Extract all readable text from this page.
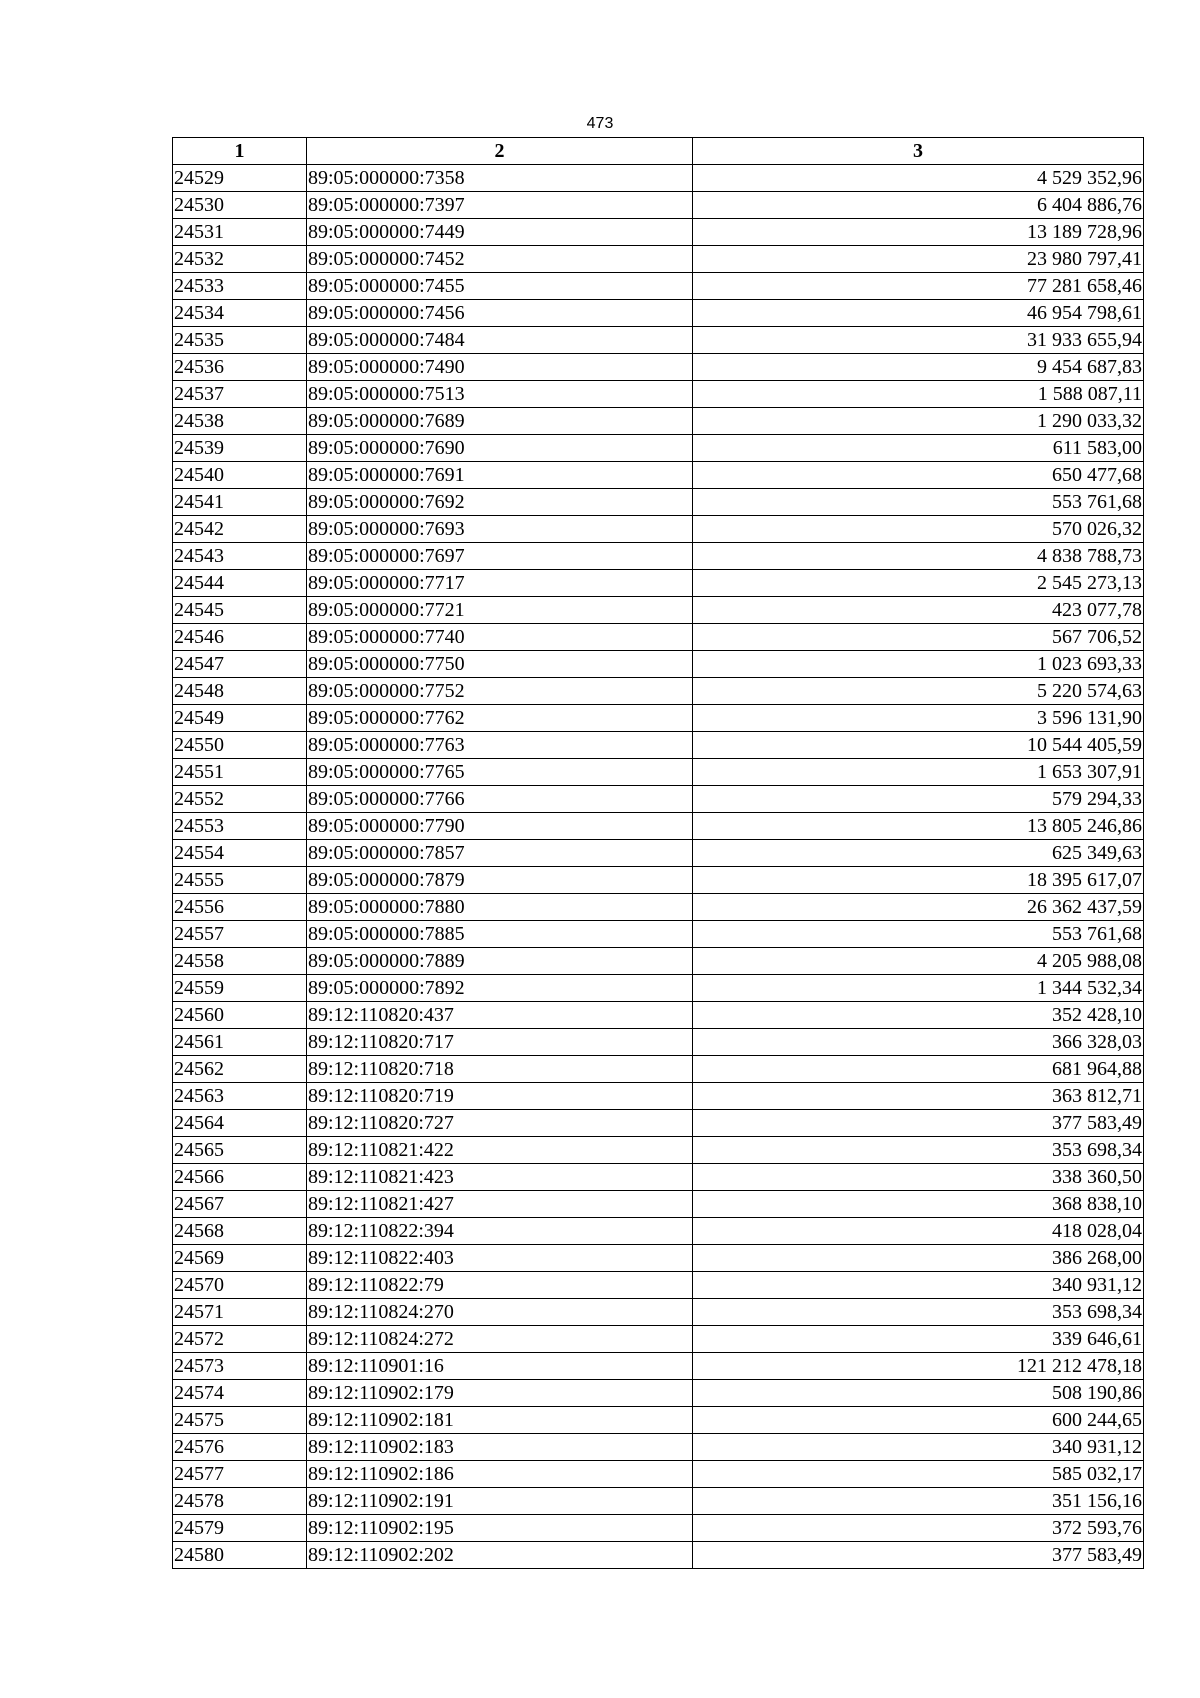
473
1	2	3
24529	89:05:000000:7358	4 529 352,96
24530	89:05:000000:7397	6 404 886,76
24531	89:05:000000:7449	13 189 728,96
24532	89:05:000000:7452	23 980 797,41
24533	89:05:000000:7455	77 281 658,46
24534	89:05:000000:7456	46 954 798,61
24535	89:05:000000:7484	31 933 655,94
24536	89:05:000000:7490	9 454 687,83
24537	89:05:000000:7513	1 588 087,11
24538	89:05:000000:7689	1 290 033,32
24539	89:05:000000:7690	611 583,00
24540	89:05:000000:7691	650 477,68
24541	89:05:000000:7692	553 761,68
24542	89:05:000000:7693	570 026,32
24543	89:05:000000:7697	4 838 788,73
24544	89:05:000000:7717	2 545 273,13
24545	89:05:000000:7721	423 077,78
24546	89:05:000000:7740	567 706,52
24547	89:05:000000:7750	1 023 693,33
24548	89:05:000000:7752	5 220 574,63
24549	89:05:000000:7762	3 596 131,90
24550	89:05:000000:7763	10 544 405,59
24551	89:05:000000:7765	1 653 307,91
24552	89:05:000000:7766	579 294,33
24553	89:05:000000:7790	13 805 246,86
24554	89:05:000000:7857	625 349,63
24555	89:05:000000:7879	18 395 617,07
24556	89:05:000000:7880	26 362 437,59
24557	89:05:000000:7885	553 761,68
24558	89:05:000000:7889	4 205 988,08
24559	89:05:000000:7892	1 344 532,34
24560	89:12:110820:437	352 428,10
24561	89:12:110820:717	366 328,03
24562	89:12:110820:718	681 964,88
24563	89:12:110820:719	363 812,71
24564	89:12:110820:727	377 583,49
24565	89:12:110821:422	353 698,34
24566	89:12:110821:423	338 360,50
24567	89:12:110821:427	368 838,10
24568	89:12:110822:394	418 028,04
24569	89:12:110822:403	386 268,00
24570	89:12:110822:79	340 931,12
24571	89:12:110824:270	353 698,34
24572	89:12:110824:272	339 646,61
24573	89:12:110901:16	121 212 478,18
24574	89:12:110902:179	508 190,86
24575	89:12:110902:181	600 244,65
24576	89:12:110902:183	340 931,12
24577	89:12:110902:186	585 032,17
24578	89:12:110902:191	351 156,16
24579	89:12:110902:195	372 593,76
24580	89:12:110902:202	377 583,49
